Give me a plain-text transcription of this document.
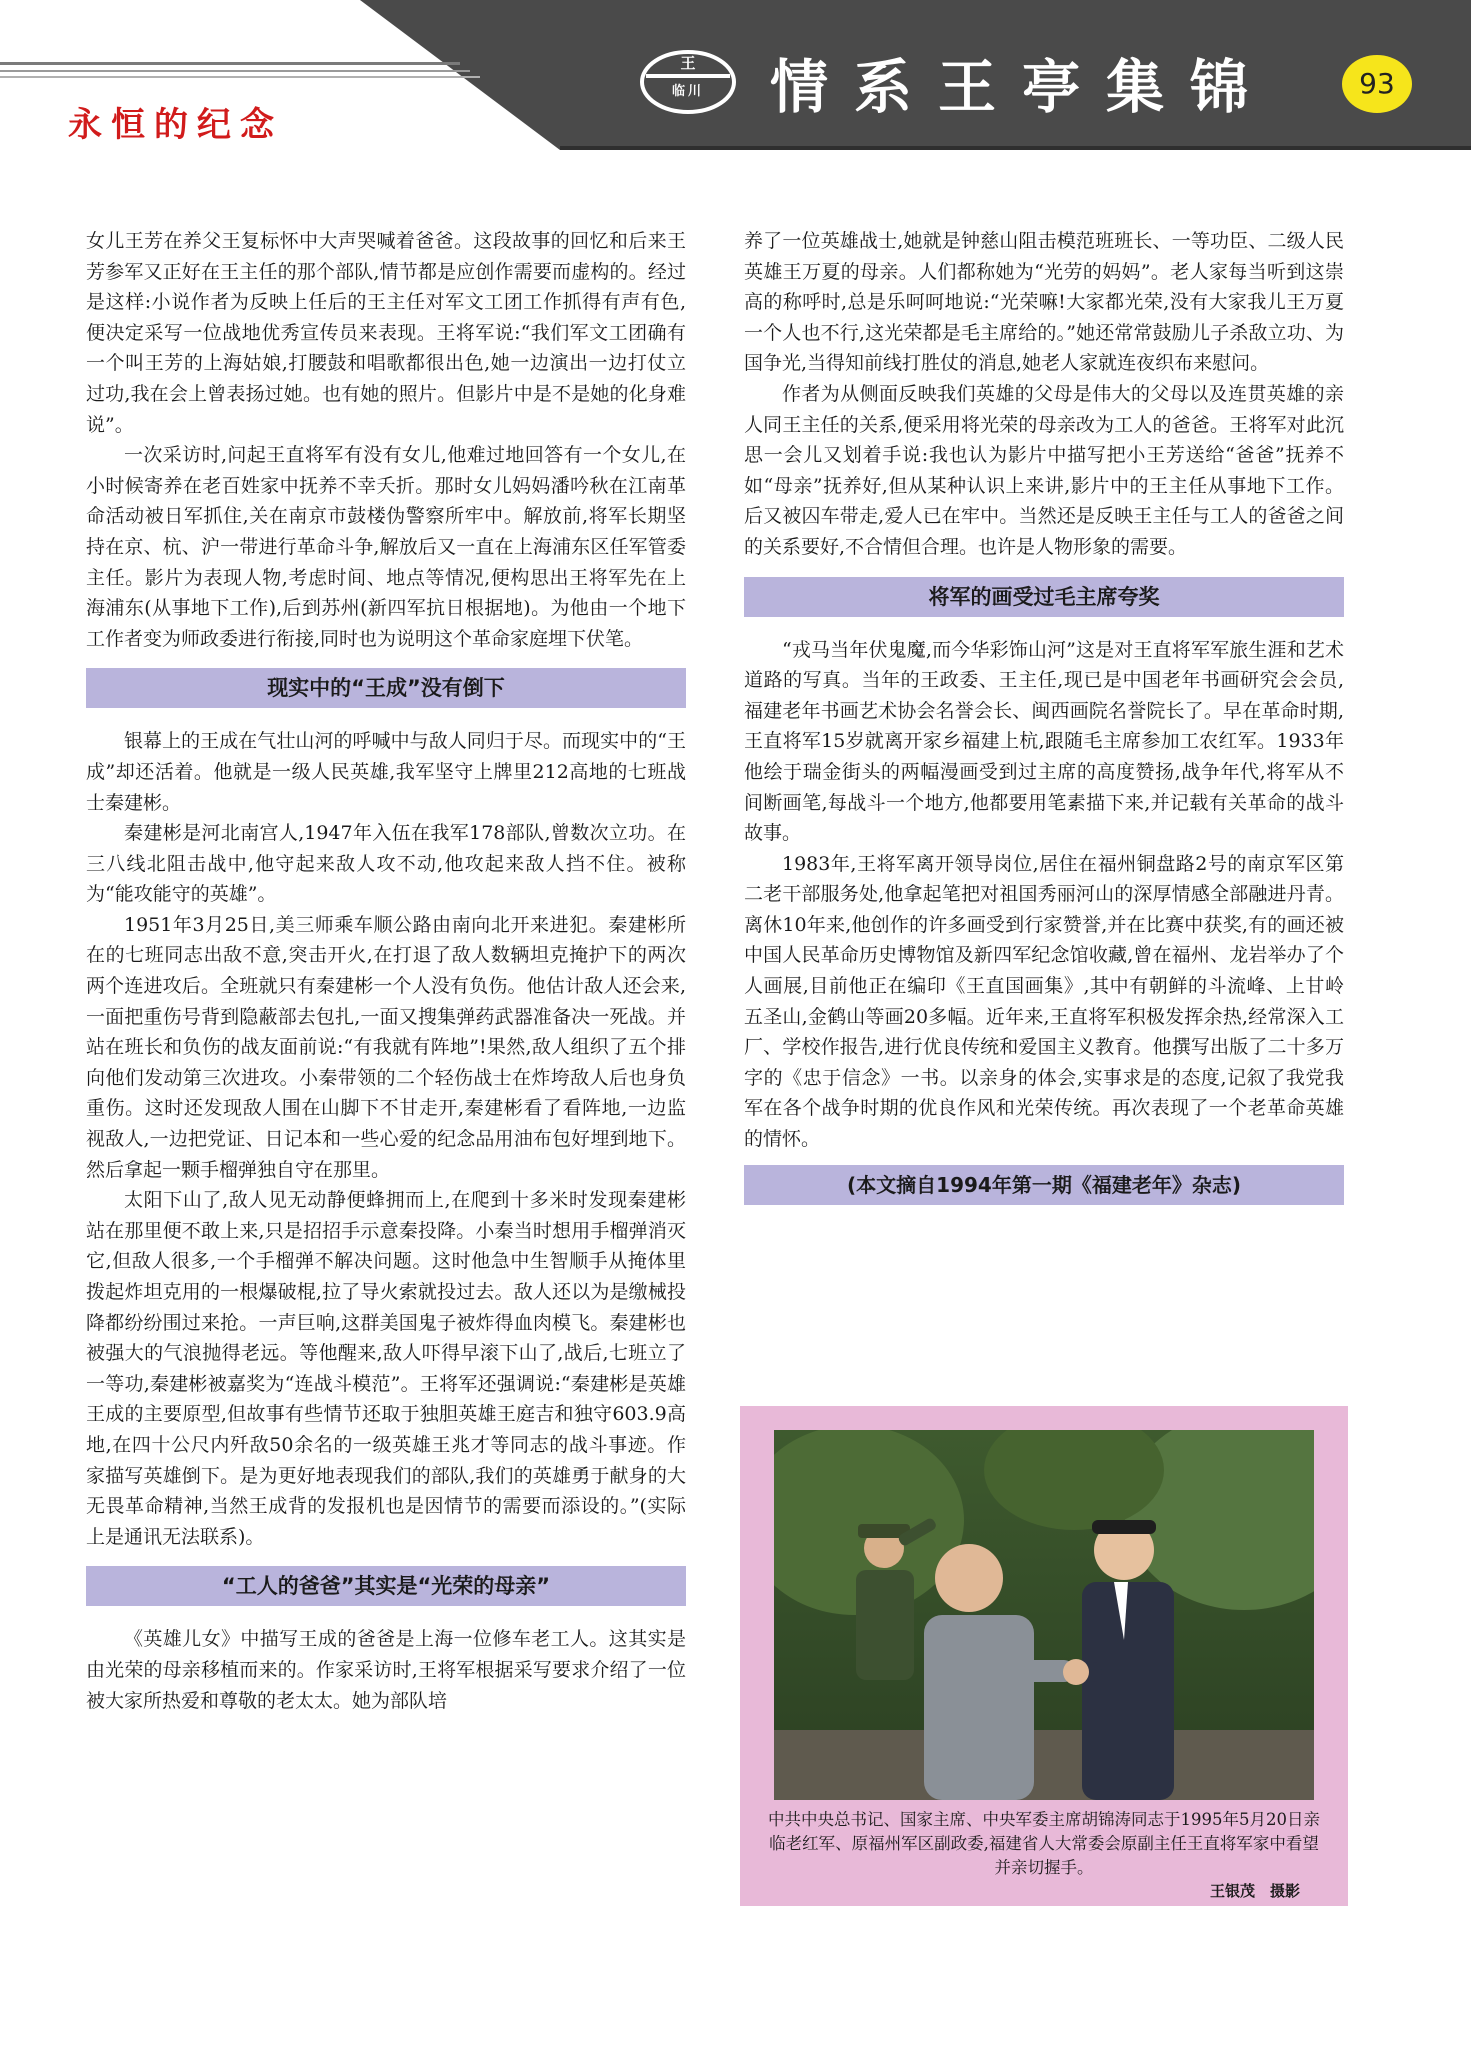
永恒的纪念
王
临川	情系王亭集锦	93

女儿王芳在养父王复标怀中大声哭喊着爸爸。这段故事的回忆和后来王芳参军又正好在王主任的那个部队,情节都是应创作需要而虚构的。经过是这样:小说作者为反映上任后的王主任对军文工团工作抓得有声有色,便决定采写一位战地优秀宣传员来表现。王将军说:“我们军文工团确有一个叫王芳的上海姑娘,打腰鼓和唱歌都很出色,她一边演出一边打仗立过功,我在会上曾表扬过她。也有她的照片。但影片中是不是她的化身难说”。

一次采访时,问起王直将军有没有女儿,他难过地回答有一个女儿,在小时候寄养在老百姓家中抚养不幸夭折。那时女儿妈妈潘吟秋在江南革命活动被日军抓住,关在南京市鼓楼伪警察所牢中。解放前,将军长期坚持在京、杭、沪一带进行革命斗争,解放后又一直在上海浦东区任军管委主任。影片为表现人物,考虑时间、地点等情况,便构思出王将军先在上海浦东(从事地下工作),后到苏州(新四军抗日根据地)。为他由一个地下工作者变为师政委进行衔接,同时也为说明这个革命家庭埋下伏笔。

现实中的“王成”没有倒下

银幕上的王成在气壮山河的呼喊中与敌人同归于尽。而现实中的“王成”却还活着。他就是一级人民英雄,我军坚守上牌里212高地的七班战士秦建彬。

秦建彬是河北南宫人,1947年入伍在我军178部队,曾数次立功。在三八线北阻击战中,他守起来敌人攻不动,他攻起来敌人挡不住。被称为“能攻能守的英雄”。

1951年3月25日,美三师乘车顺公路由南向北开来进犯。秦建彬所在的七班同志出敌不意,突击开火,在打退了敌人数辆坦克掩护下的两次两个连进攻后。全班就只有秦建彬一个人没有负伤。他估计敌人还会来,一面把重伤号背到隐蔽部去包扎,一面又搜集弹药武器准备决一死战。并站在班长和负伤的战友面前说:“有我就有阵地”!果然,敌人组织了五个排向他们发动第三次进攻。小秦带领的二个轻伤战士在炸垮敌人后也身负重伤。这时还发现敌人围在山脚下不甘走开,秦建彬看了看阵地,一边监视敌人,一边把党证、日记本和一些心爱的纪念品用油布包好埋到地下。然后拿起一颗手榴弹独自守在那里。

太阳下山了,敌人见无动静便蜂拥而上,在爬到十多米时发现秦建彬站在那里便不敢上来,只是招招手示意秦投降。小秦当时想用手榴弹消灭它,但敌人很多,一个手榴弹不解决问题。这时他急中生智顺手从掩体里拨起炸坦克用的一根爆破棍,拉了导火索就投过去。敌人还以为是缴械投降都纷纷围过来抢。一声巨响,这群美国鬼子被炸得血肉模飞。秦建彬也被强大的气浪抛得老远。等他醒来,敌人吓得早滚下山了,战后,七班立了一等功,秦建彬被嘉奖为“连战斗模范”。王将军还强调说:“秦建彬是英雄王成的主要原型,但故事有些情节还取于独胆英雄王庭吉和独守603.9高地,在四十公尺内歼敌50余名的一级英雄王兆才等同志的战斗事迹。作家描写英雄倒下。是为更好地表现我们的部队,我们的英雄勇于献身的大无畏革命精神,当然王成背的发报机也是因情节的需要而添设的。”(实际上是通讯无法联系)。

“工人的爸爸”其实是“光荣的母亲”

《英雄儿女》中描写王成的爸爸是上海一位修车老工人。这其实是由光荣的母亲移植而来的。作家采访时,王将军根据采写要求介绍了一位被大家所热爱和尊敬的老太太。她为部队培

养了一位英雄战士,她就是钟慈山阻击模范班班长、一等功臣、二级人民英雄王万夏的母亲。人们都称她为“光劳的妈妈”。老人家每当听到这崇高的称呼时,总是乐呵呵地说:“光荣嘛!大家都光荣,没有大家我儿王万夏一个人也不行,这光荣都是毛主席给的。”她还常常鼓励儿子杀敌立功、为国争光,当得知前线打胜仗的消息,她老人家就连夜织布来慰问。

作者为从侧面反映我们英雄的父母是伟大的父母以及连贯英雄的亲人同王主任的关系,便采用将光荣的母亲改为工人的爸爸。王将军对此沉思一会儿又划着手说:我也认为影片中描写把小王芳送给“爸爸”抚养不如“母亲”抚养好,但从某种认识上来讲,影片中的王主任从事地下工作。后又被囚车带走,爱人已在牢中。当然还是反映王主任与工人的爸爸之间的关系要好,不合情但合理。也许是人物形象的需要。

将军的画受过毛主席夸奖

“戎马当年伏鬼魔,而今华彩饰山河”这是对王直将军军旅生涯和艺术道路的写真。当年的王政委、王主任,现已是中国老年书画研究会会员,福建老年书画艺术协会名誉会长、闽西画院名誉院长了。早在革命时期,王直将军15岁就离开家乡福建上杭,跟随毛主席参加工农红军。1933年他绘于瑞金街头的两幅漫画受到过主席的高度赞扬,战争年代,将军从不间断画笔,每战斗一个地方,他都要用笔素描下来,并记载有关革命的战斗故事。

1983年,王将军离开领导岗位,居住在福州铜盘路2号的南京军区第二老干部服务处,他拿起笔把对祖国秀丽河山的深厚情感全部融进丹青。离休10年来,他创作的许多画受到行家赞誉,并在比赛中获奖,有的画还被中国人民革命历史博物馆及新四军纪念馆收藏,曾在福州、龙岩举办了个人画展,目前他正在编印《王直国画集》,其中有朝鲜的斗流峰、上甘岭五圣山,金鹤山等画20多幅。近年来,王直将军积极发挥余热,经常深入工厂、学校作报告,进行优良传统和爱国主义教育。他撰写出版了二十多万字的《忠于信念》一书。以亲身的体会,实事求是的态度,记叙了我党我军在各个战争时期的优良作风和光荣传统。再次表现了一个老革命英雄的情怀。

(本文摘自1994年第一期《福建老年》杂志)
中共中央总书记、国家主席、中央军委主席胡锦涛同志于1995年5月20日亲临老红军、原福州军区副政委,福建省人大常委会原副主任王直将军家中看望并亲切握手。
王银茂　摄影
